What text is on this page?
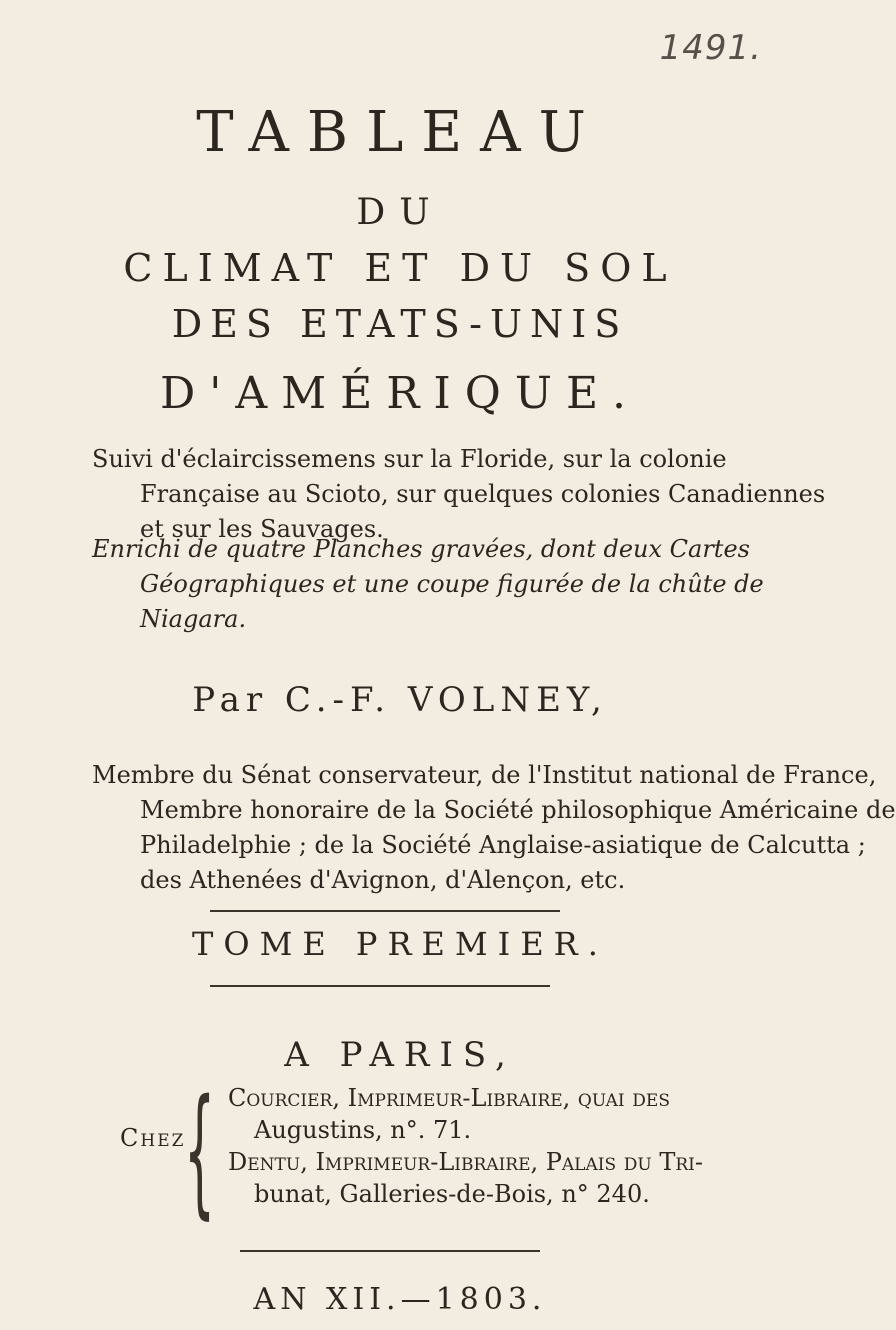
1491.
TABLEAU
DU
CLIMAT ET DU SOL
DES ETATS-UNIS
D'AMÉRIQUE.
Suivi d'éclaircissemens sur la Floride, sur la colonie
Française au Scioto, sur quelques colonies Canadiennes
et sur les Sauvages.
Enrichi de quatre Planches gravées, dont deux Cartes
Géographiques et une coupe figurée de la chûte de
Niagara.
Par C.-F. VOLNEY,
Membre du Sénat conservateur, de l'Institut national de France,
Membre honoraire de la Société philosophique Américaine de
Philadelphie ; de la Société Anglaise-asiatique de Calcutta ;
des Athenées d'Avignon, d'Alençon, etc.
TOME PREMIER.
A PARIS,
Chez
{ Courcier, Imprimeur-Libraire, quai des
Augustins, n°. 71.
Dentu, Imprimeur-Libraire, Palais du Tri-
bunat, Galleries-de-Bois, n° 240.
AN XII.—1803.
